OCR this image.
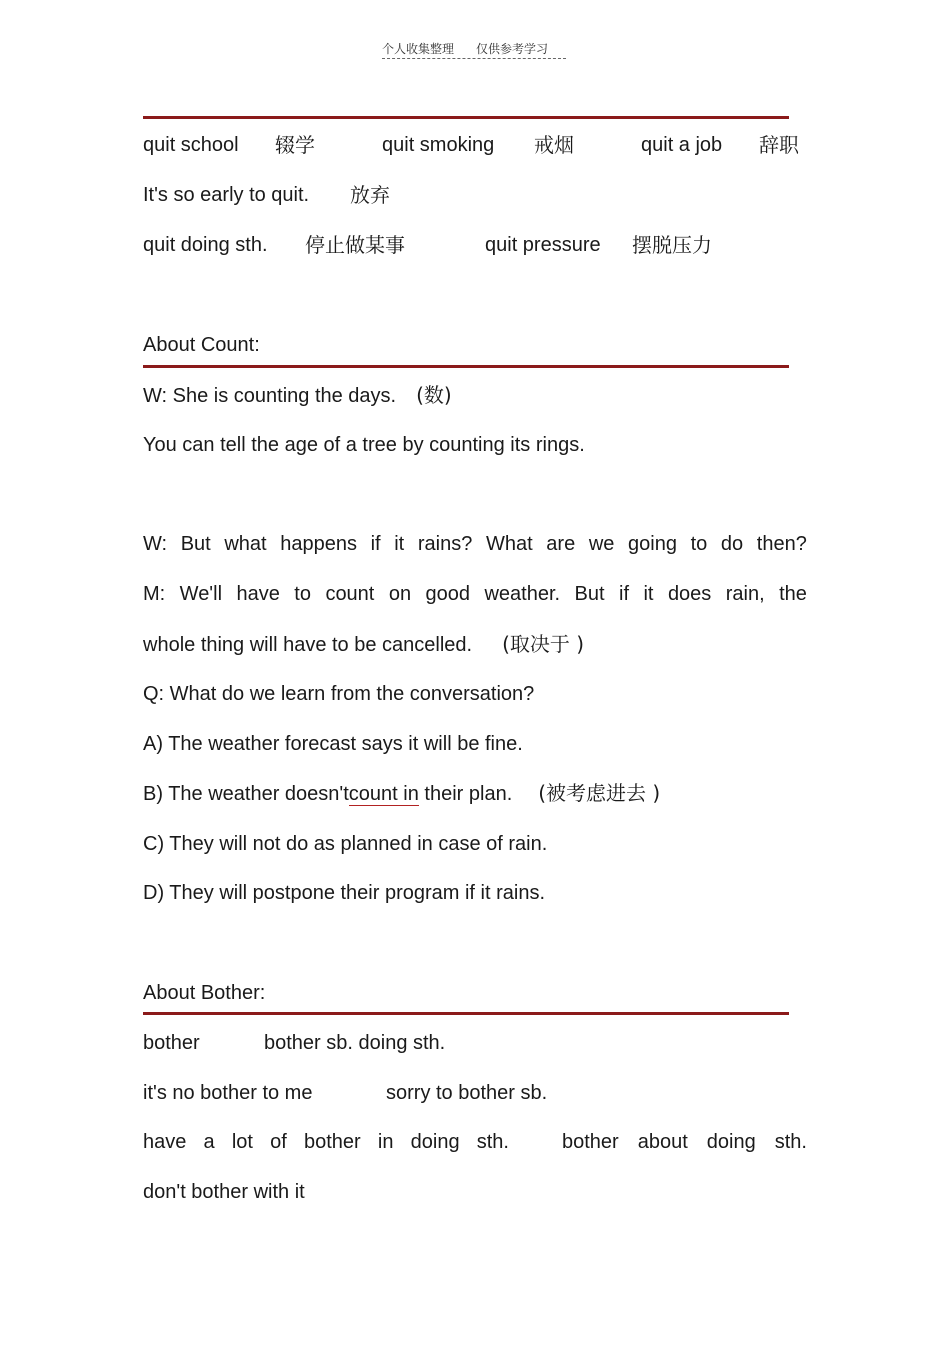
个人收集整理 仅供参考学习
quit school 辍学	quit smoking 戒烟	quit a job 辞职
It's so early to quit. 放弃
quit doing sth. 停止做某事	quit pressure 摆脱压力
About Count:
W: She is counting the days. (数)
You can tell the age of a tree by counting its rings.
W: But what happens if it rains? What are we going to do then?
M: We'll have to count on good weather. But if it does rain, the
whole thing will have to be cancelled. (取决于 )
Q: What do we learn from the conversation?
A) The weather forecast says it will be fine.
B) The weather doesn'tcount in their plan. (被考虑进去 )
C) They will not do as planned in case of rain.
D) They will postpone their program if it rains.
About Bother:
bother	bother sb. doing sth.
it's no bother to me	sorry to bother sb.
have a lot of bother in doing sth.	bother about doing sth.
don't bother with it
